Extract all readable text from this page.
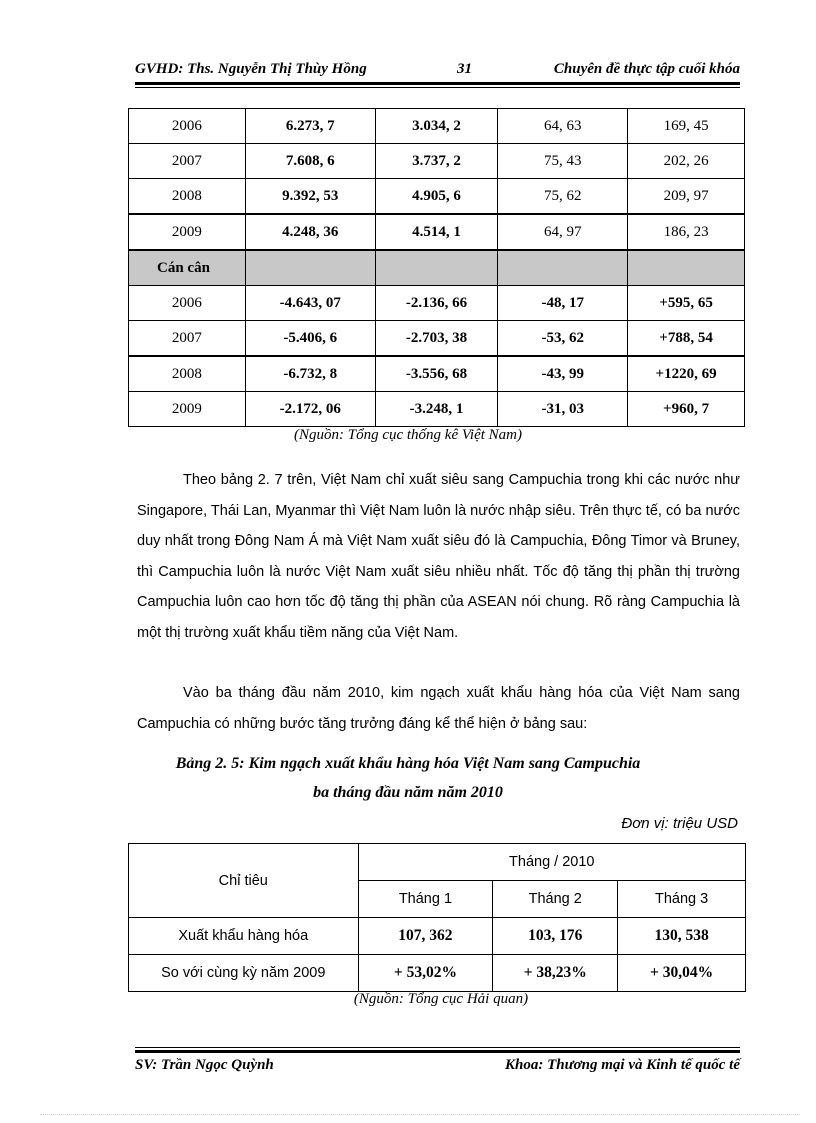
GVHD: Ths. Nguyễn Thị Thùy Hồng	31	Chuyên đề thực tập cuối khóa
2006	6.273, 7	3.034, 2	64, 63	169, 45
2007	7.608, 6	3.737, 2	75, 43	202, 26
2008	9.392, 53	4.905, 6	75, 62	209, 97
2009	4.248, 36	4.514, 1	64, 97	186, 23
Cán cân				
2006	-4.643, 07	-2.136, 66	-48, 17	+595, 65
2007	-5.406, 6	-2.703, 38	-53, 62	+788, 54
2008	-6.732, 8	-3.556, 68	-43, 99	+1220, 69
2009	-2.172, 06	-3.248, 1	-31, 03	+960, 7
(Nguồn: Tổng cục thống kê Việt Nam)
Theo bảng 2. 7 trên, Việt Nam chỉ xuất siêu sang Campuchia trong khi các nước như Singapore, Thái Lan, Myanmar thì Việt Nam luôn là nước nhập siêu. Trên thực tế, có ba nước duy nhất trong Đông Nam Á mà Việt Nam xuất siêu đó là Campuchia, Đông Timor và Bruney, thì Campuchia luôn là nước Việt Nam xuất siêu nhiều nhất. Tốc độ tăng thị phần thị trường Campuchia luôn cao hơn tốc độ tăng thị phần của ASEAN nói chung. Rõ ràng Campuchia là một thị trường xuất khẩu tiềm năng của Việt Nam.
Vào ba tháng đầu năm 2010, kim ngạch xuất khẩu hàng hóa của Việt Nam sang Campuchia có những bước tăng trưởng đáng kể thể hiện ở bảng sau:
Bảng 2. 5: Kim ngạch xuất khẩu hàng hóa Việt Nam sang Campuchia
ba tháng đầu năm năm 2010
Đơn vị: triệu USD
Chỉ tiêu	Tháng / 2010		
	Tháng 1	Tháng 2	Tháng 3
Xuất khẩu hàng hóa	107, 362	103, 176	130, 538
So với cùng kỳ năm 2009	+ 53,02%	+ 38,23%	+ 30,04%
(Nguồn: Tổng cục Hải quan)
SV: Trần Ngọc Quỳnh	Khoa: Thương mại và Kinh tế quốc tế
